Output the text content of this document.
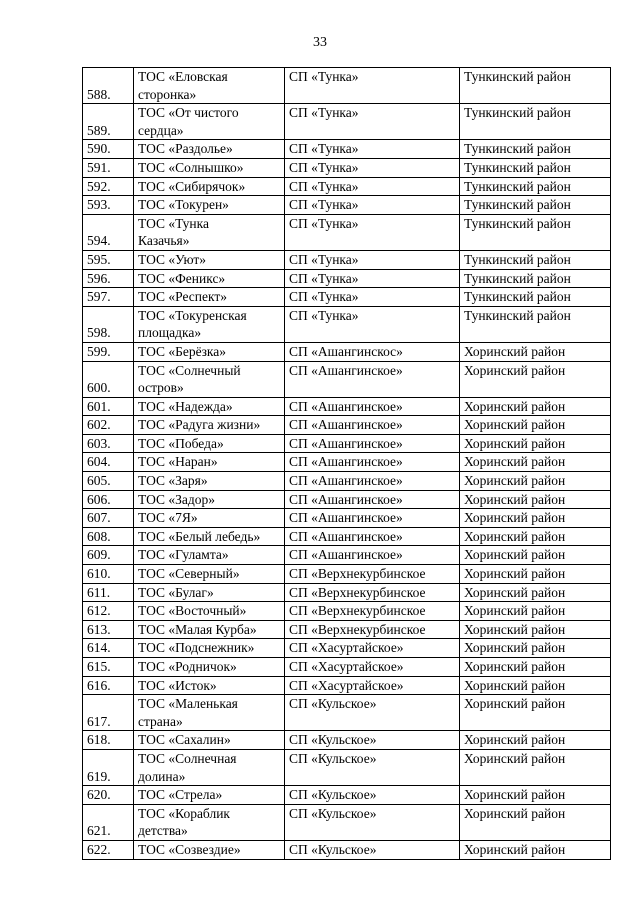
33
588.	ТОС «Еловская
сторонка»	СП «Тунка»	Тункинский район
589.	ТОС «От чистого
сердца»	СП «Тунка»	Тункинский район
590.	ТОС «Раздолье»	СП «Тунка»	Тункинский район
591.	ТОС «Солнышко»	СП «Тунка»	Тункинский район
592.	ТОС «Сибирячок»	СП «Тунка»	Тункинский район
593.	ТОС «Токурен»	СП «Тунка»	Тункинский район
594.	ТОС «Тунка
Казачья»	СП «Тунка»	Тункинский район
595.	ТОС «Уют»	СП «Тунка»	Тункинский район
596.	ТОС «Феникс»	СП «Тунка»	Тункинский район
597.	ТОС «Респект»	СП «Тунка»	Тункинский район
598.	ТОС «Токуренская
площадка»	СП «Тунка»	Тункинский район
599.	ТОС «Берёзка»	СП «Ашангинскос»	Хоринский район
600.	ТОС «Солнечный
остров»	СП «Ашангинское»	Хоринский район
601.	ТОС «Надежда»	СП «Ашангинское»	Хоринский район
602.	ТОС «Радуга жизни»	СП «Ашангинское»	Хоринский район
603.	ТОС «Победа»	СП «Ашангинское»	Хоринский район
604.	ТОС «Наран»	СП «Ашангинское»	Хоринский район
605.	ТОС «Заря»	СП «Ашангинское»	Хоринский район
606.	ТОС «Задор»	СП «Ашангинское»	Хоринский район
607.	ТОС «7Я»	СП «Ашангинское»	Хоринский район
608.	ТОС «Белый лебедь»	СП «Ашангинское»	Хоринский район
609.	ТОС «Гуламта»	СП «Ашангинское»	Хоринский район
610.	ТОС «Северный»	СП «Верхнекурбинское	Хоринский район
611.	ТОС «Булаг»	СП «Верхнекурбинское	Хоринский район
612.	ТОС «Восточный»	СП «Верхнекурбинское	Хоринский район
613.	ТОС «Малая Курба»	СП «Верхнекурбинское	Хоринский район
614.	ТОС «Подснежник»	СП «Хасуртайское»	Хоринский район
615.	ТОС «Родничок»	СП «Хасуртайское»	Хоринский район
616.	ТОС «Исток»	СП «Хасуртайское»	Хоринский район
617.	ТОС «Маленькая
страна»	СП «Кульское»	Хоринский район
618.	ТОС «Сахалин»	СП «Кульское»	Хоринский район
619.	ТОС «Солнечная
долина»	СП «Кульское»	Хоринский район
620.	ТОС «Стрела»	СП «Кульское»	Хоринский район
621.	ТОС «Кораблик
детства»	СП «Кульское»	Хоринский район
622.	ТОС «Созвездие»	СП «Кульское»	Хоринский район
